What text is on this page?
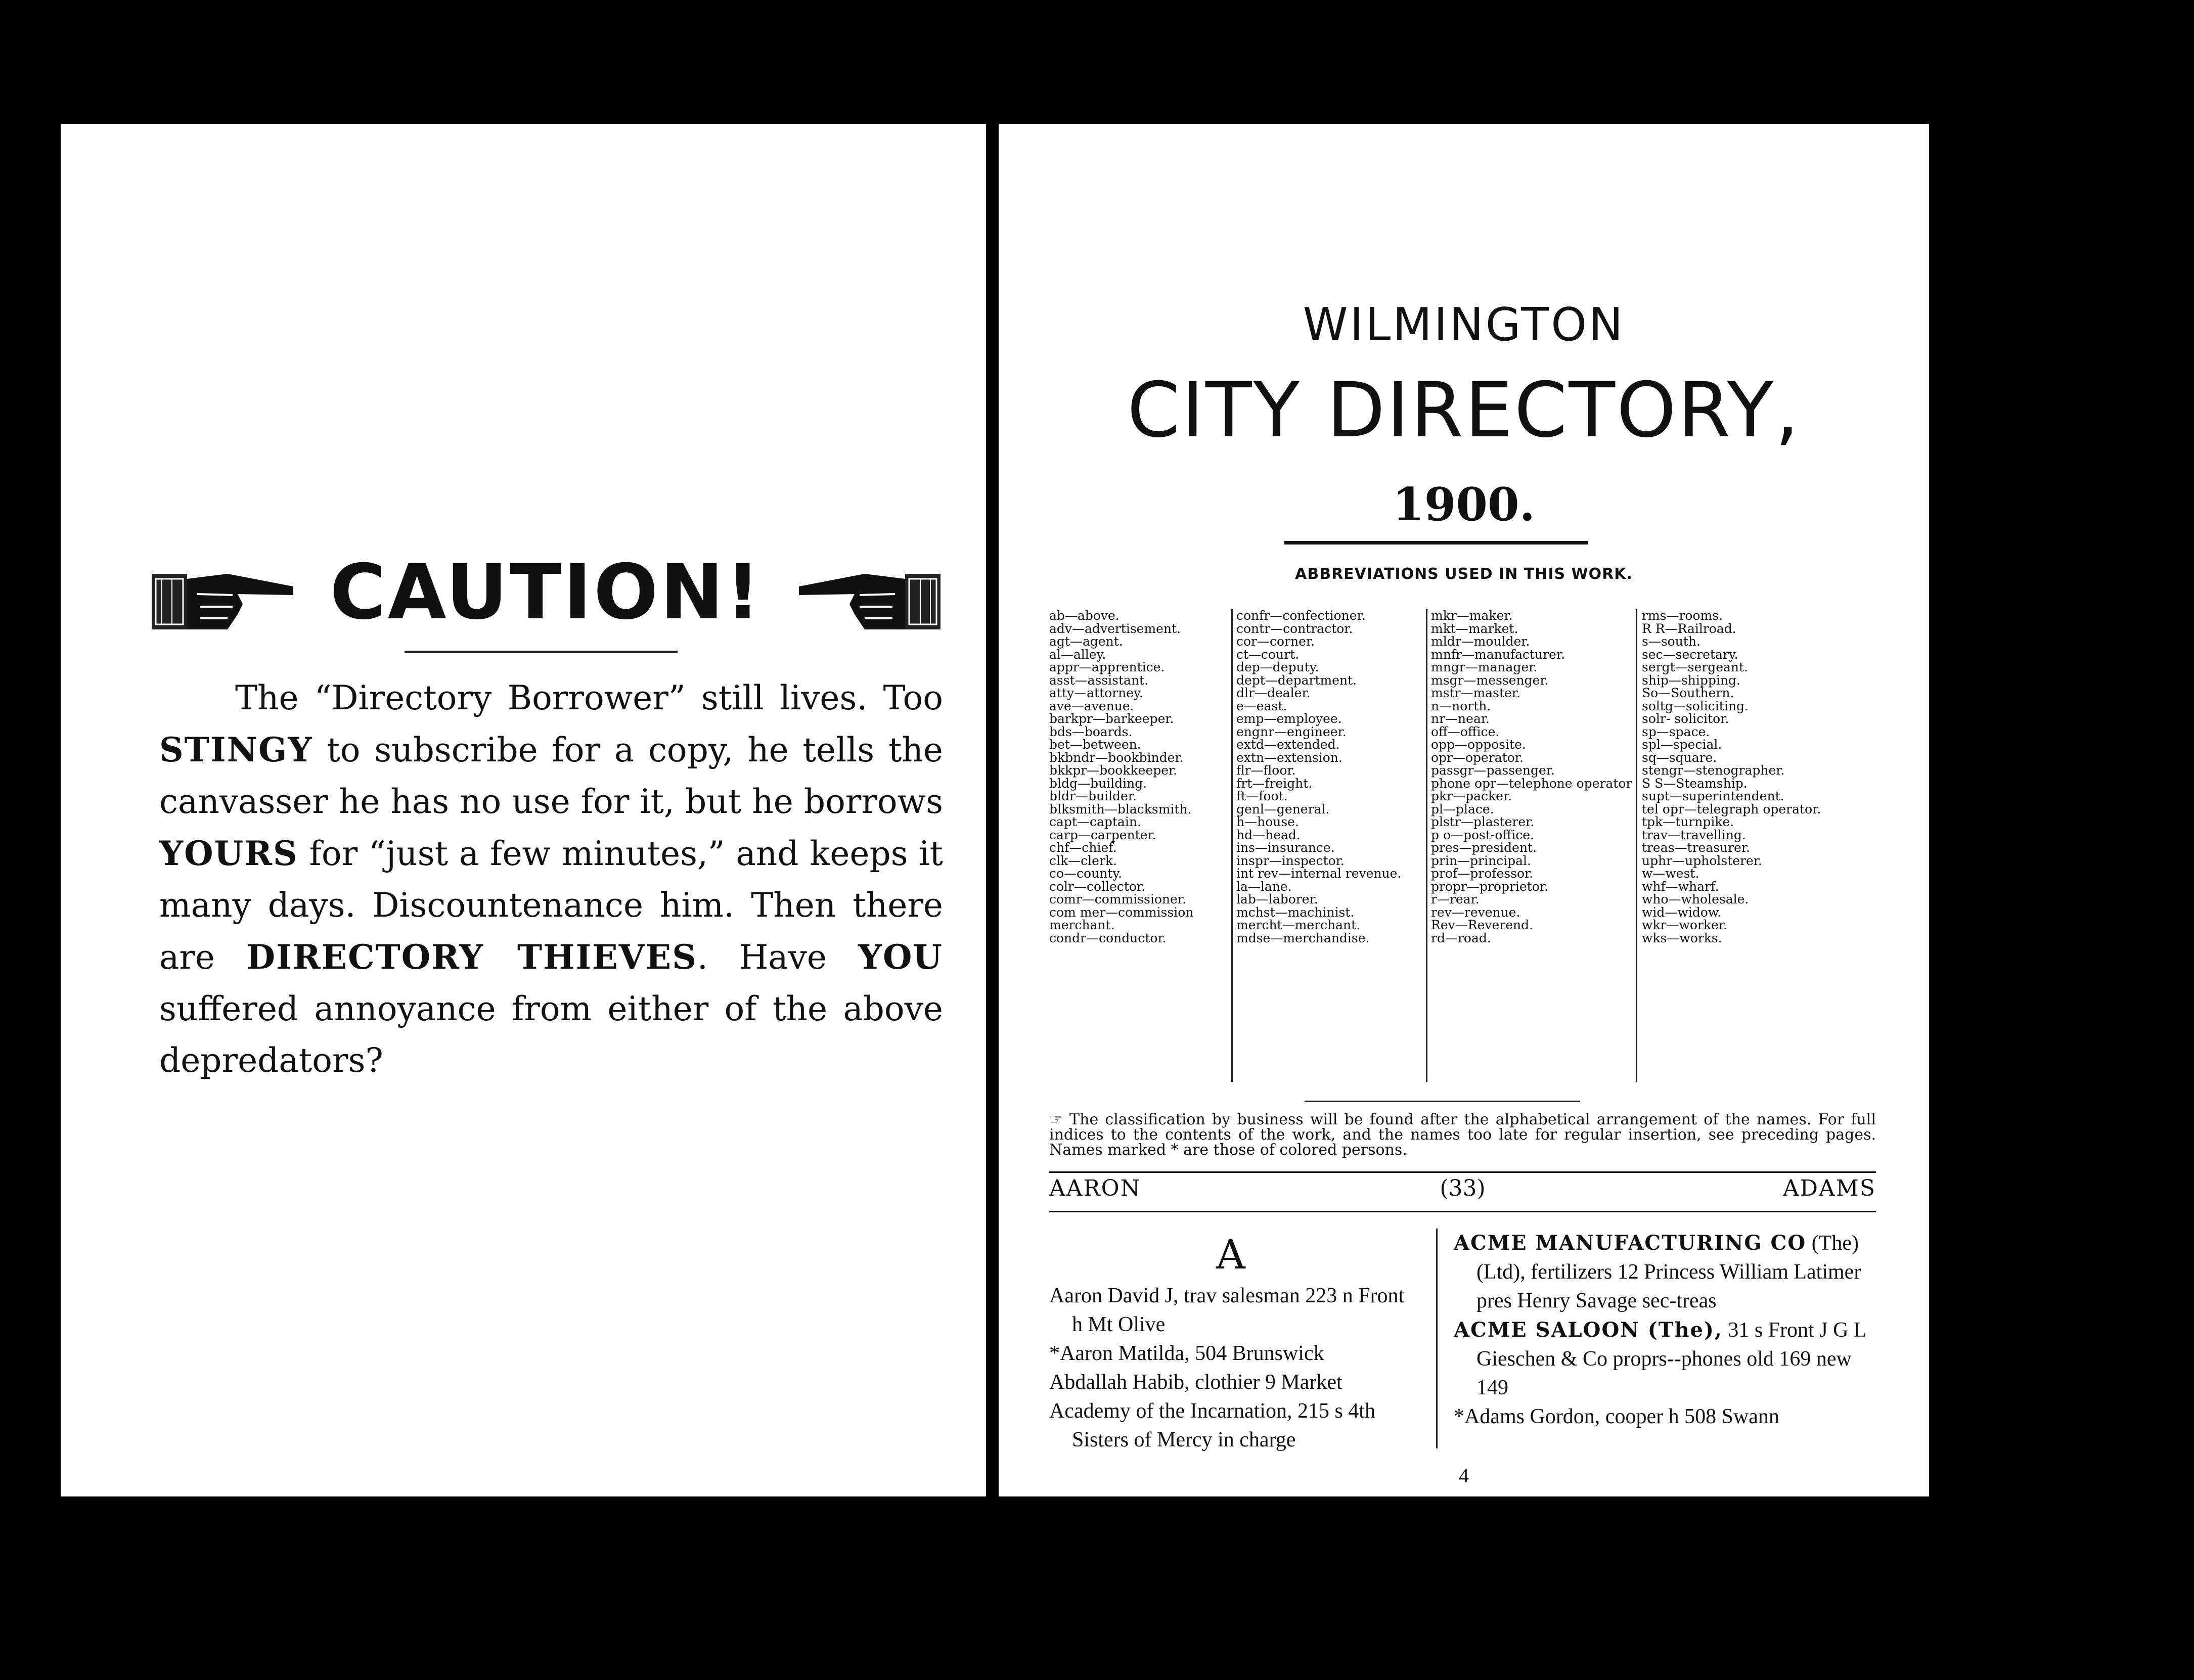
CAUTION!
The “Directory Borrower” still lives. Too STINGY to subscribe for a copy, he tells the canvasser he has no use for it, but he borrows YOURS for “just a few minutes,” and keeps it many days. Discountenance him. Then there are DIRECTORY THIEVES. Have YOU suffered annoyance from either of the above depredators?
WILMINGTON
CITY DIRECTORY,
1900.
ABBREVIATIONS USED IN THIS WORK.
ab—above.
adv—advertisement.
agt—agent.
al—alley.
appr—apprentice.
asst—assistant.
atty—attorney.
ave—avenue.
barkpr—barkeeper.
bds—boards.
bet—between.
bkbndr—bookbinder.
bkkpr—bookkeeper.
bldg—building.
bldr—builder.
blksmith—blacksmith.
capt—captain.
carp—carpenter.
chf—chief.
clk—clerk.
co—county.
colr—collector.
comr—commissioner.
com mer—commission
merchant.
condr—conductor.
confr—confectioner.
contr—contractor.
cor—corner.
ct—court.
dep—deputy.
dept—department.
dlr—dealer.
e—east.
emp—employee.
engnr—engineer.
extd—extended.
extn—extension.
flr—floor.
frt—freight.
ft—foot.
genl—general.
h—house.
hd—head.
ins—insurance.
inspr—inspector.
int rev—internal revenue.
la—lane.
lab—laborer.
mchst—machinist.
mercht—merchant.
mdse—merchandise.
mkr—maker.
mkt—market.
mldr—moulder.
mnfr—manufacturer.
mngr—manager.
msgr—messenger.
mstr—master.
n—north.
nr—near.
off—office.
opp—opposite.
opr—operator.
passgr—passenger.
phone opr—telephone operator
pkr—packer.
pl—place.
plstr—plasterer.
p o—post-office.
pres—president.
prin—principal.
prof—professor.
propr—proprietor.
r—rear.
rev—revenue.
Rev—Reverend.
rd—road.
rms—rooms.
R R—Railroad.
s—south.
sec—secretary.
sergt—sergeant.
ship—shipping.
So—Southern.
soltg—soliciting.
solr- solicitor.
sp—space.
spl—special.
sq—square.
stengr—stenographer.
S S—Steamship.
supt—superintendent.
tel opr—telegraph operator.
tpk—turnpike.
trav—travelling.
treas—treasurer.
uphr—upholsterer.
w—west.
whf—wharf.
who—wholesale.
wid—widow.
wkr—worker.
wks—works.
☞ The classification by business will be found after the alphabetical arrangement of the names. For full indices to the contents of the work, and the names too late for regular insertion, see preceding pages. Names marked * are those of colored persons.
AARON	(33)	ADAMS
A
Aaron David J, trav salesman 223 n Front h Mt Olive
*Aaron Matilda, 504 Brunswick
Abdallah Habib, clothier 9 Market
Academy of the Incarnation, 215 s 4th Sisters of Mercy in charge
ACME MANUFACTURING CO (The) (Ltd), fertilizers 12 Princess William Latimer pres Henry Savage sec-treas
ACME SALOON (The), 31 s Front J G L Gieschen & Co proprs--phones old 169 new 149
*Adams Gordon, cooper h 508 Swann
4
